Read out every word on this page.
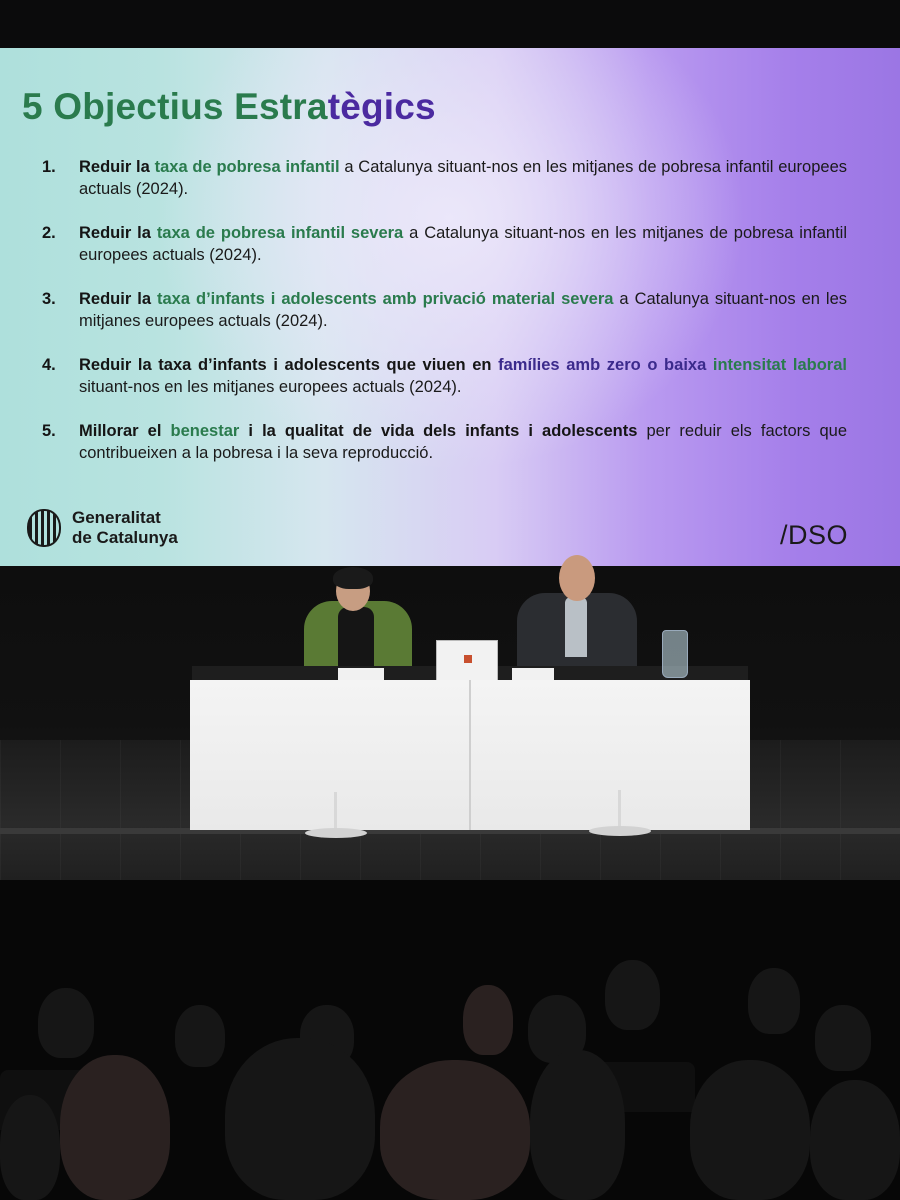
5 Objectius Estratègics
1.	Reduir la taxa de pobresa infantil a Catalunya situant-nos en les mitjanes de pobresa infantil europees actuals (2024).
2.	Reduir la taxa de pobresa infantil severa a Catalunya situant-nos en les mitjanes de pobresa infantil europees actuals (2024).
3.	Reduir la taxa d’infants i adolescents amb privació material severa a Catalunya situant-nos en les mitjanes europees actuals (2024).
4.	Reduir la taxa d’infants i adolescents que viuen en famílies amb zero o baixa intensitat laboral situant-nos en les mitjanes europees actuals (2024).
5.	Millorar el benestar i la qualitat de vida dels infants i adolescents per reduir els factors que contribueixen a la pobresa i la seva reproducció.
Generalitat
de Catalunya	/DSO
